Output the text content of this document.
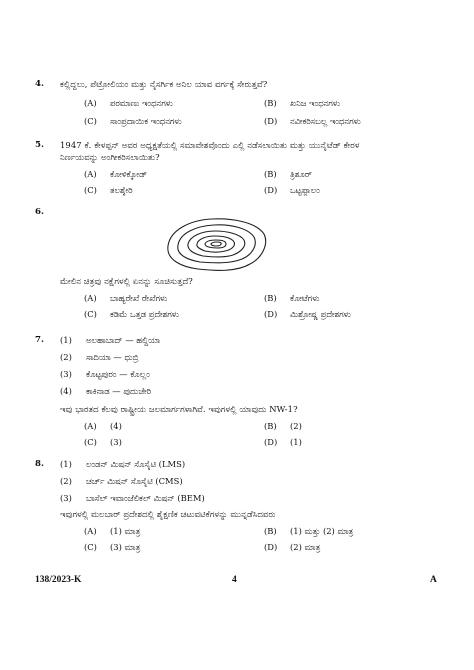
4. ಕಲ್ಲಿದ್ದಲು, ಪೆಟ್ರೋಲಿಯಂ ಮತ್ತು ನೈಸರ್ಗಿಕ ಅನಿಲ ಯಾವ ವರ್ಗಕ್ಕೆ ಸೇರುತ್ತವೆ?
(A) ಪರಮಾಣು ಇಂಧನಗಳು	(B) ಖನಿಜ ಇಂಧನಗಳು
(C) ಸಾಂಪ್ರದಾಯಿಕ ಇಂಧನಗಳು	(D) ನವೀಕರಿಸಬಲ್ಲ ಇಂಧನಗಳು
5. 1947 ಕೆ. ಕೇಳಪ್ಪನ್ ಅವರ ಅಧ್ಯಕ್ಷತೆಯಲ್ಲಿ ಸಮಾವೇಶವೊಂದು ಎಲ್ಲಿ ನಡೆಸಲಾಯಿತು ಮತ್ತು ಯುನೈಟೆಡ್ ಕೇರಳ
ನಿರ್ಣಯವನ್ನು ಅಂಗೀಕರಿಸಲಾಯಿತು?
(A) ಕೋಳಿಕ್ಕೋಡ್	(B) ತ್ರಿಶೂರ್
(C) ತಲಶ್ಶೇರಿ	(D) ಒಟ್ಟಪ್ಪಾಲಂ
6.
ಮೇಲಿನ ಚಿತ್ರವು ನಕ್ಷೆಗಳಲ್ಲಿ ಏನನ್ನು ಸೂಚಿಸುತ್ತದೆ?
(A) ಬಾಹ್ಯರೇಖೆ ರೇಖೆಗಳು	(B) ಕೋಟೆಗಳು
(C) ಕಡಿಮೆ ಒತ್ತಡ ಪ್ರದೇಶಗಳು	(D) ಮಿಶ್ರೋಷ್ಣ ಪ್ರದೇಶಗಳು
7. (1) ಅಲಹಾಬಾದ್ — ಹಲ್ದಿಯಾ
(2) ಸಾದಿಯಾ — ಧುಬ್ರಿ
(3) ಕೊಟ್ಟಪುರಂ — ಕೊಲ್ಲಂ
(4) ಕಾಕಿನಾಡ — ಪುದುಚೇರಿ
ಇವು ಭಾರತದ ಕೆಲವು ರಾಷ್ಟ್ರೀಯ ಜಲಮಾರ್ಗಗಳಾಗಿವೆ. ಇವುಗಳಲ್ಲಿ ಯಾವುದು NW-1?
(A) (4)	(B) (2)
(C) (3)	(D) (1)
8. (1) ಲಂಡನ್ ಮಿಷನ್ ಸೊಸೈಟಿ (LMS)
(2) ಚರ್ಚ್ ಮಿಷನ್ ಸೊಸೈಟಿ (CMS)
(3) ಬಾಸೆಲ್ ಇವಾಂಜೆಲಿಕಲ್ ಮಿಷನ್ (BEM)
ಇವುಗಳಲ್ಲಿ ಮಲಬಾರ್ ಪ್ರದೇಶದಲ್ಲಿ ಶೈಕ್ಷಣಿಕ ಚಟುವಟಿಕೆಗಳನ್ನು ಮುನ್ನಡೆಸಿದವರು
(A) (1) ಮಾತ್ರ	(B) (1) ಮತ್ತು (2) ಮಾತ್ರ
(C) (3) ಮಾತ್ರ	(D) (2) ಮಾತ್ರ
138/2023-K	4	A
